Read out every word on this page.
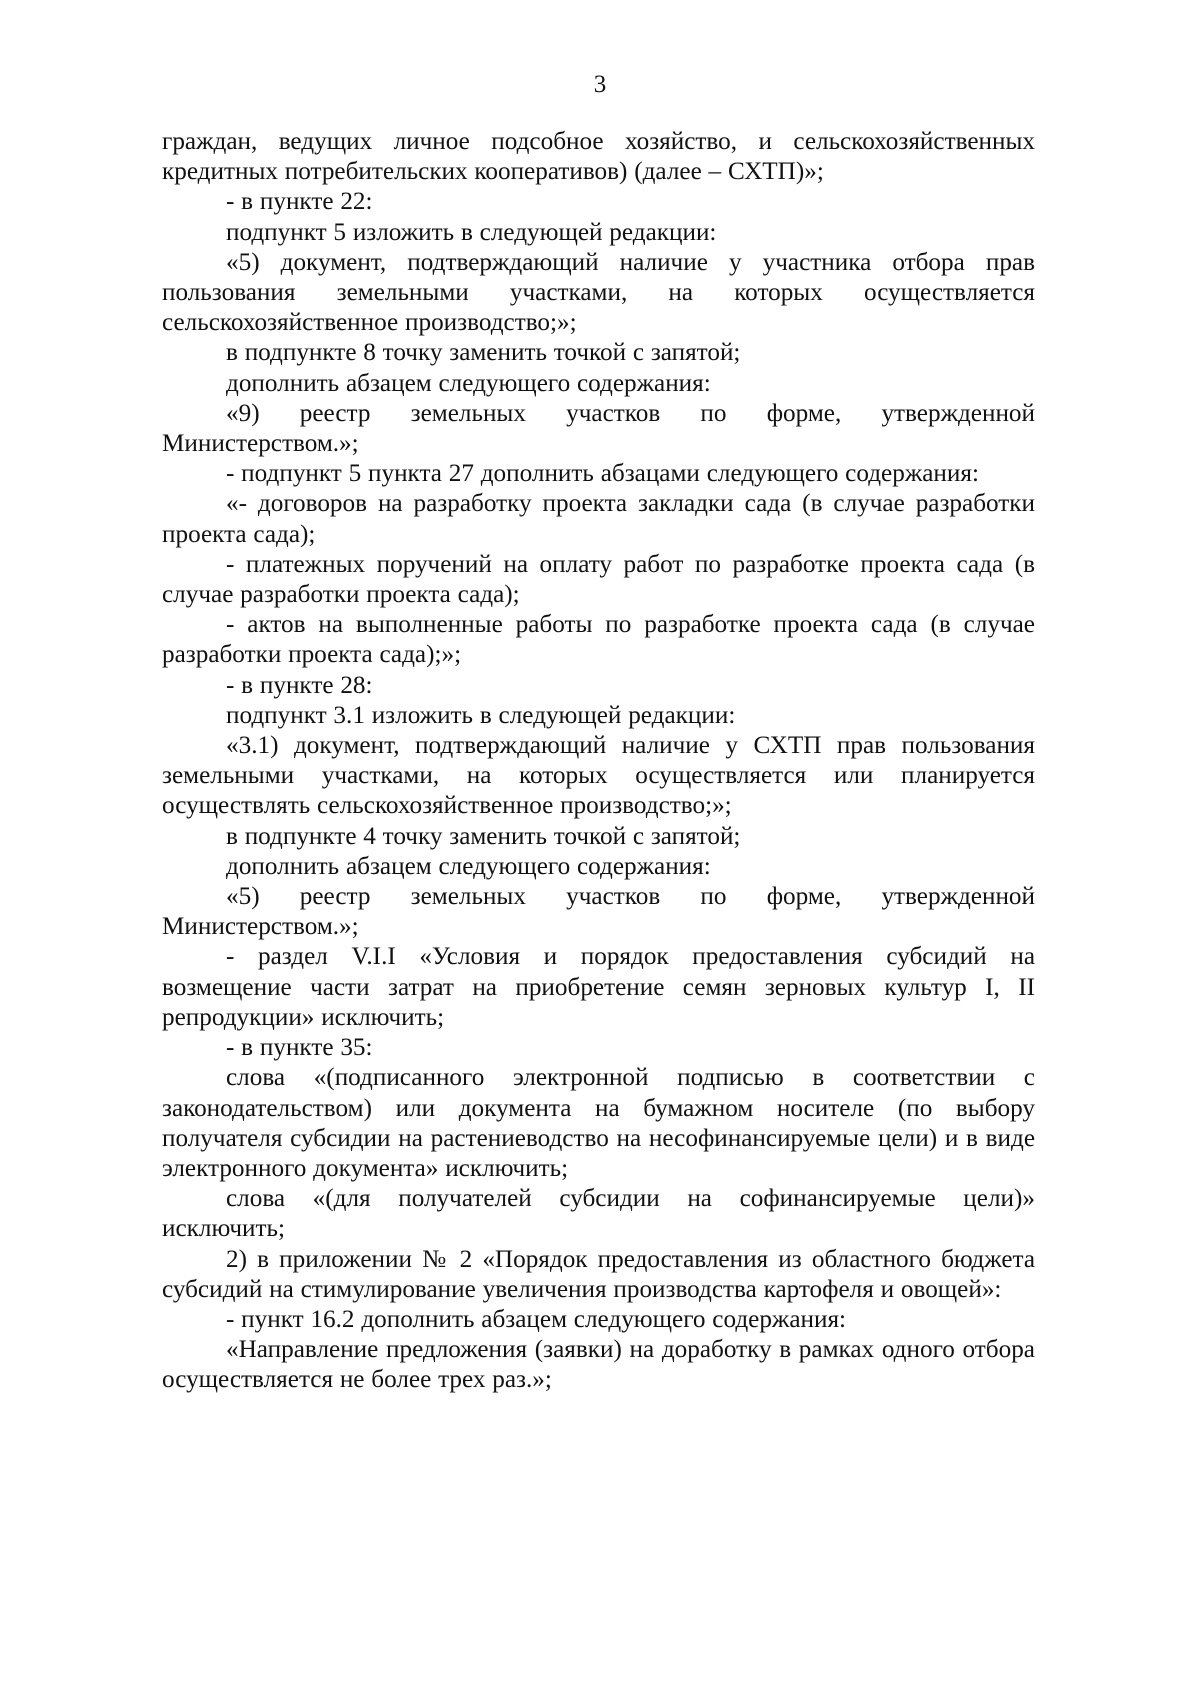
3

граждан, ведущих личное подсобное хозяйство, и сельскохозяйственных кредитных потребительских кооперативов) (далее – СХТП)»;

- в пункте 22:

подпункт 5 изложить в следующей редакции:

«5) документ, подтверждающий наличие у участника отбора прав пользования земельными участками, на которых осуществляется сельскохозяйственное производство;»;

в подпункте 8 точку заменить точкой с запятой;

дополнить абзацем следующего содержания:

«9) реестр земельных участков по форме, утвержденной Министерством.»;

- подпункт 5 пункта 27 дополнить абзацами следующего содержания:

«- договоров на разработку проекта закладки сада (в случае разработки проекта сада);

- платежных поручений на оплату работ по разработке проекта сада (в случае разработки проекта сада);

- актов на выполненные работы по разработке проекта сада (в случае разработки проекта сада);»;

- в пункте 28:

подпункт 3.1 изложить в следующей редакции:

«3.1) документ, подтверждающий наличие у СХТП прав пользования земельными участками, на которых осуществляется или планируется осуществлять сельскохозяйственное производство;»;

в подпункте 4 точку заменить точкой с запятой;

дополнить абзацем следующего содержания:

«5) реестр земельных участков по форме, утвержденной Министерством.»;

- раздел V.I.I «Условия и порядок предоставления субсидий на возмещение части затрат на приобретение семян зерновых культур I, II репродукции» исключить;

- в пункте 35:

слова «(подписанного электронной подписью в соответствии с законодательством) или документа на бумажном носителе (по выбору получателя субсидии на растениеводство на несофинансируемые цели) и в виде электронного документа» исключить;

слова «(для получателей субсидии на софинансируемые цели)» исключить;

2) в приложении № 2 «Порядок предоставления из областного бюджета субсидий на стимулирование увеличения производства картофеля и овощей»:

- пункт 16.2 дополнить абзацем следующего содержания:

«Направление предложения (заявки) на доработку в рамках одного отбора осуществляется не более трех раз.»;
